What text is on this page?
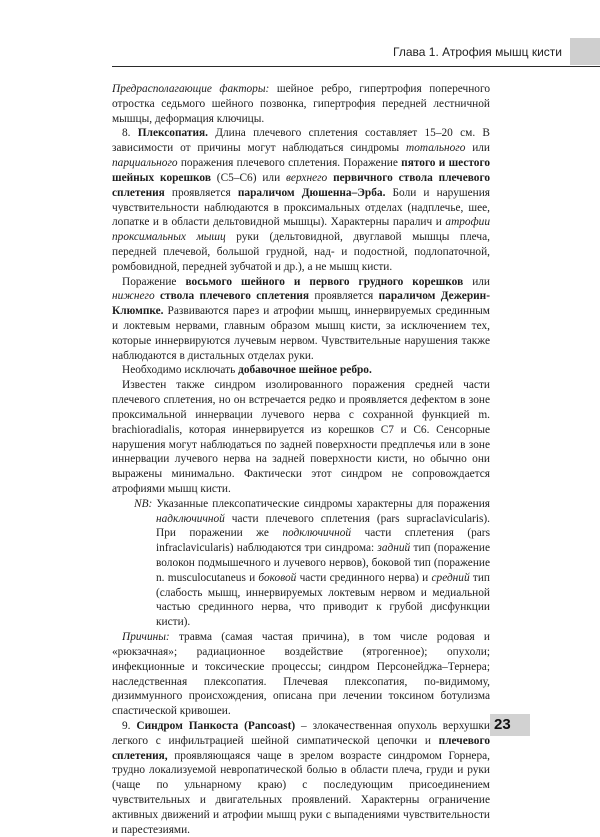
Глава 1. Атрофия мышц кисти

Предрасполагающие факторы: шейное ребро, гипертрофия поперечного отростка седьмого шейного позвонка, гипертрофия передней лестничной мышцы, деформация ключицы.

8. Плексопатия. Длина плечевого сплетения составляет 15–20 см. В зависимости от причины могут наблюдаться синдромы тотального или парциального поражения плечевого сплетения. Поражение пятого и шестого шейных корешков (С5–С6) или верхнего первичного ствола плечевого сплетения проявляется параличом Дюшенна–Эрба. Боли и нарушения чувствительности наблюдаются в проксимальных отделах (надплечье, шее, лопатке и в области дельтовидной мышцы). Характерны паралич и атрофии проксимальных мышц руки (дельтовидной, двуглавой мышцы плеча, передней плечевой, большой грудной, над- и подостной, подлопаточной, ромбовидной, передней зубчатой и др.), а не мышц кисти.

Поражение восьмого шейного и первого грудного корешков или нижнего ствола плечевого сплетения проявляется параличом Дежерин-Клюмпке. Развиваются парез и атрофии мышц, иннервируемых срединным и локтевым нервами, главным образом мышц кисти, за исключением тех, которые иннервируются лучевым нервом. Чувствительные нарушения также наблюдаются в дистальных отделах руки.

Необходимо исключать добавочное шейное ребро.

Известен также синдром изолированного поражения средней части плечевого сплетения, но он встречается редко и проявляется дефектом в зоне проксимальной иннервации лучевого нерва с сохранной функцией m. brachioradialis, которая иннервируется из корешков С7 и С6. Сенсорные нарушения могут наблюдаться по задней поверхности предплечья или в зоне иннервации лучевого нерва на задней поверхности кисти, но обычно они выражены минимально. Фактически этот синдром не сопровождается атрофиями мышц кисти.

NB: Указанные плексопатические синдромы характерны для поражения надключичной части плечевого сплетения (pars supraclavicularis). При поражении же подключичной части сплетения (pars infraclavicularis) наблюдаются три синдрома: задний тип (поражение волокон подмышечного и лучевого нервов), боковой тип (поражение n. musculocutaneus и боковой части срединного нерва) и средний тип (слабость мышц, иннервируемых локтевым нервом и медиальной частью срединного нерва, что приводит к грубой дисфункции кисти).

Причины: травма (самая частая причина), в том числе родовая и «рюкзачная»; радиационное воздействие (ятрогенное); опухоли; инфекционные и токсические процессы; синдром Персонейджа–Тернера; наследственная плексопатия. Плечевая плексопатия, по-видимому, дизиммунного происхождения, описана при лечении токсином ботулизма спастической кривошеи.

9. Синдром Панкоста (Pancoast) – злокачественная опухоль верхушки легкого с инфильтрацией шейной симпатической цепочки и плечевого сплетения, проявляющаяся чаще в зрелом возрасте синдромом Горнера, трудно локализуемой невропатической болью в области плеча, груди и руки (чаще по ульнарному краю) с последующим присоединением чувствительных и двигательных проявлений. Характерны ограничение активных движений и атрофии мышц руки с выпадениями чувствительности и парестезиями.

23
